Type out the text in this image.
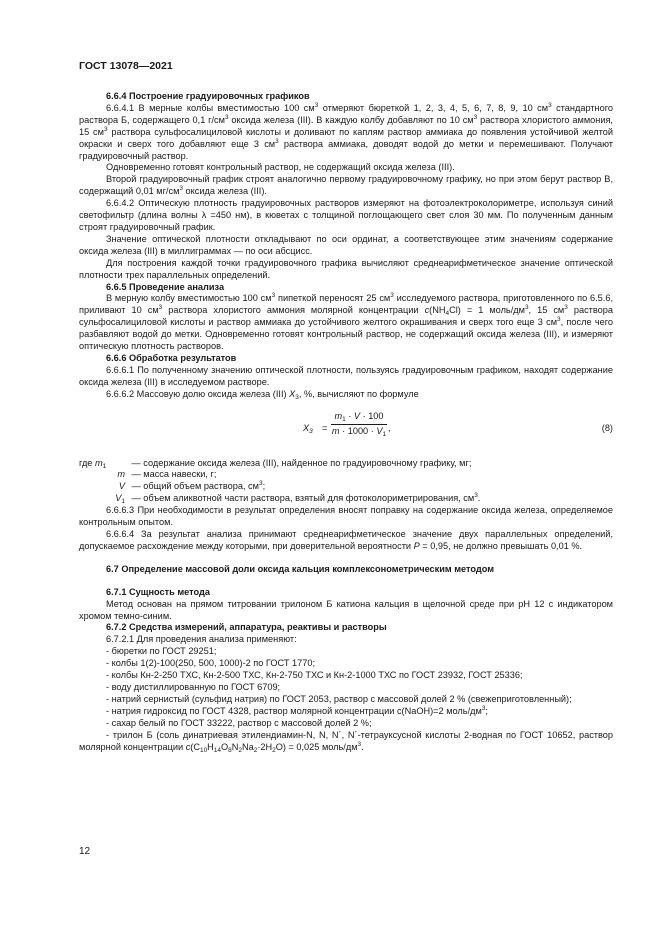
ГОСТ 13078—2021

6.6.4 Построение градуировочных графиков

6.6.4.1 В мерные колбы вместимостью 100 $см^3$ отмеряют бюреткой 1, 2, 3, 4, 5, 6, 7, 8, 9, 10 $см^3$ стандартного раствора Б, содержащего 0,1 $г/см^3$ оксида железа (III). В каждую колбу добавляют по 10 $см^3$ раствора хлористого аммония, 15 $см^3$ раствора сульфосалициловой кислоты и доливают по каплям раствор аммиака до появления устойчивой желтой окраски и сверх того добавляют еще 3 $см^3$ раствора аммиака, доводят водой до метки и перемешивают. Получают градуировочный раствор.

Одновременно готовят контрольный раствор, не содержащий оксида железа (III).

Второй градуировочный график строят аналогично первому градуировочному графику, но при этом берут раствор В, содержащий 0,01 $мг/см^3$ оксида железа (III).

6.6.4.2 Оптическую плотность градуировочных растворов измеряют на фотоэлектроколориметре, используя синий светофильтр (длина волны λ =450 нм), в кюветах с толщиной поглощающего свет слоя 30 мм. По полученным данным строят градуировочный график.

Значение оптической плотности откладывают по оси ординат, а соответствующее этим значениям содержание оксида железа (III) в миллиграммах — по оси абсцисс.

Для построения каждой точки градуировочного графика вычисляют среднеарифметическое значение оптической плотности трех параллельных определений.

6.6.5 Проведение анализа

В мерную колбу вместимостью 100 $см^3$ пипеткой переносят 25 $см^3$ исследуемого раствора, приготовленного по 6.5.6, приливают 10 $см^3$ раствора хлористого аммония молярной концентрации $c(NH_4Cl) = 1$ моль/$дм^3$, 15 $см^3$ раствора сульфосалициловой кислоты и раствор аммиака до устойчивого желтого окрашивания и сверх того еще 3 $см^3$, после чего разбавляют водой до метки. Одновременно готовят контрольный раствор, не содержащий оксида железа (III), и измеряют оптическую плотность растворов.

6.6.6 Обработка результатов

6.6.6.1 По полученному значению оптической плотности, пользуясь градуировочным графиком, находят содержание оксида железа (III) в исследуемом растворе.

6.6.6.2 Массовую долю оксида железа (III) $X_3$, %, вычисляют по формуле

$X_3$ =
$m_1 \cdot V \cdot 100$
$m \cdot 1000 \cdot V_1$
,	(8)
где $m_1$	— содержание оксида железа (III), найденное по градуировочному графику, мг;
m — масса навески, г;
V — общий объем раствора, $см^3$;
$V_1$ — объем аликвотной части раствора, взятый для фотоколориметрирования, $см^3$.

6.6.6.3 При необходимости в результат определения вносят поправку на содержание оксида железа, определяемое контрольным опытом.

6.6.6.4 За результат анализа принимают среднеарифметическое значение двух параллельных определений, допускаемое расхождение между которыми, при доверительной вероятности P = 0,95, не должно превышать 0,01 %.

6.7 Определение массовой доли оксида кальция комплексонометрическим методом

6.7.1 Сущность метода

Метод основан на прямом титровании трилоном Б катиона кальция в щелочной среде при pH 12 с индикатором хромом темно-синим.

6.7.2 Средства измерений, аппаратура, реактивы и растворы

6.7.2.1 Для проведения анализа применяют:

- бюретки по ГОСТ 29251;

- колбы 1(2)-100(250, 500, 1000)-2 по ГОСТ 1770;

- колбы Кн-2-250 ТХС, Кн-2-500 ТХС, Кн-2-750 ТХС и Кн-2-1000 ТХС по ГОСТ 23932, ГОСТ 25336;

- воду дистиллированную по ГОСТ 6709;

- натрий сернистый (сульфид натрия) по ГОСТ 2053, раствор с массовой долей 2 % (свежеприготовленный);

- натрия гидроксид по ГОСТ 4328, раствор молярной концентрации c(NaOH)=2 моль/$дм^3$;

- сахар белый по ГОСТ 33222, раствор с массовой долей 2 %;

- трилон Б (соль динатриевая этилендиамин-N, N, N´, N´-тетрауксусной кислоты 2-водная по ГОСТ 10652, раствор молярной концентрации $c(C_{10}H_{14}O_8N_2Na_2\cdot 2H_2O) = 0,025$ моль/$дм^3$.

12
